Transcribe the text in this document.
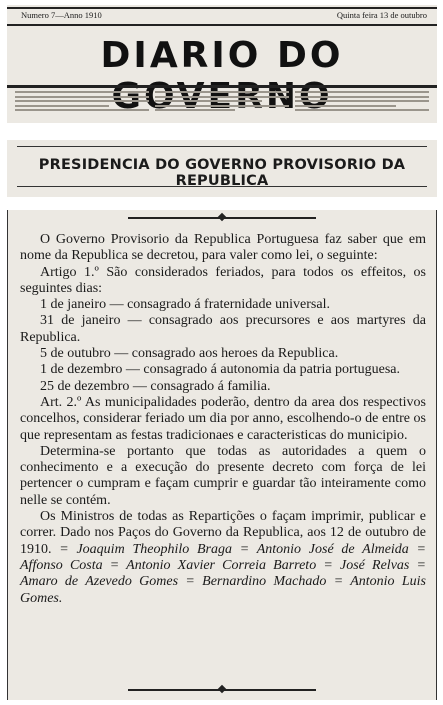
Numero 7—Anno 1910	Quinta feira 13 de outubro
DIARIO DO
PRESIDENCIA DO GOVERNO PROVISORIO DA REPUBLICA

O Governo Provisorio da Republica Portuguesa faz saber que em nome da Republica se decretou, para valer como lei, o seguinte:

Artigo 1.º São considerados feriados, para todos os effeitos, os seguintes dias:

1 de janeiro — consagrado á fraternidade universal.

31 de janeiro — consagrado aos precursores e aos martyres da Republica.

5 de outubro — consagrado aos heroes da Republica.

1 de dezembro — consagrado á autonomia da patria portuguesa.

25 de dezembro — consagrado á familia.

Art. 2.º As municipalidades poderão, dentro da area dos respectivos concelhos, considerar feriado um dia por anno, escolhendo-o de entre os que representam as festas tradicionaes e caracteristicas do municipio.

Determina-se portanto que todas as autoridades a quem o conhecimento e a execução do presente decreto com força de lei pertencer o cumpram e façam cumprir e guardar tão inteiramente como nelle se contém.

Os Ministros de todas as Repartições o façam imprimir, publicar e correr. Dado nos Paços do Governo da Republica, aos 12 de outubro de 1910. = Joaquim Theophilo Braga = Antonio José de Almeida = Affonso Costa = Antonio Xavier Correia Barreto = José Relvas = Amaro de Azevedo Gomes = Bernardino Machado = Antonio Luis Gomes.
